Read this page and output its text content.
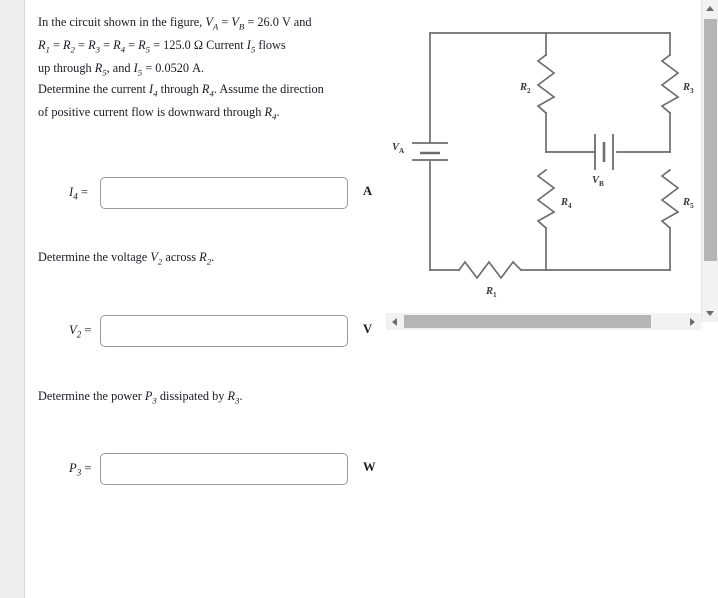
In the circuit shown in the figure, $V_A = V_B = 26.0$ V and
$R_1 = R_2 = R_3 = R_4 = R_5 = 125.0$ Ω Current $I_5$ flows
up through $R_5$, and $I_5 = 0.0520$ A.
Determine the current $I_4$ through $R_4$. Assume the direction
of positive current flow is downward through $R_4$.
$I_4$ =	A
Determine the voltage $V_2$ across $R_2$.
$V_2$ =	V
Determine the power $P_3$ dissipated by $R_3$.
$P_3$ =	W
$V_A$
$V_B$
$R_1$
$R_2$	$R_3$
$R_4$	$R_5$
